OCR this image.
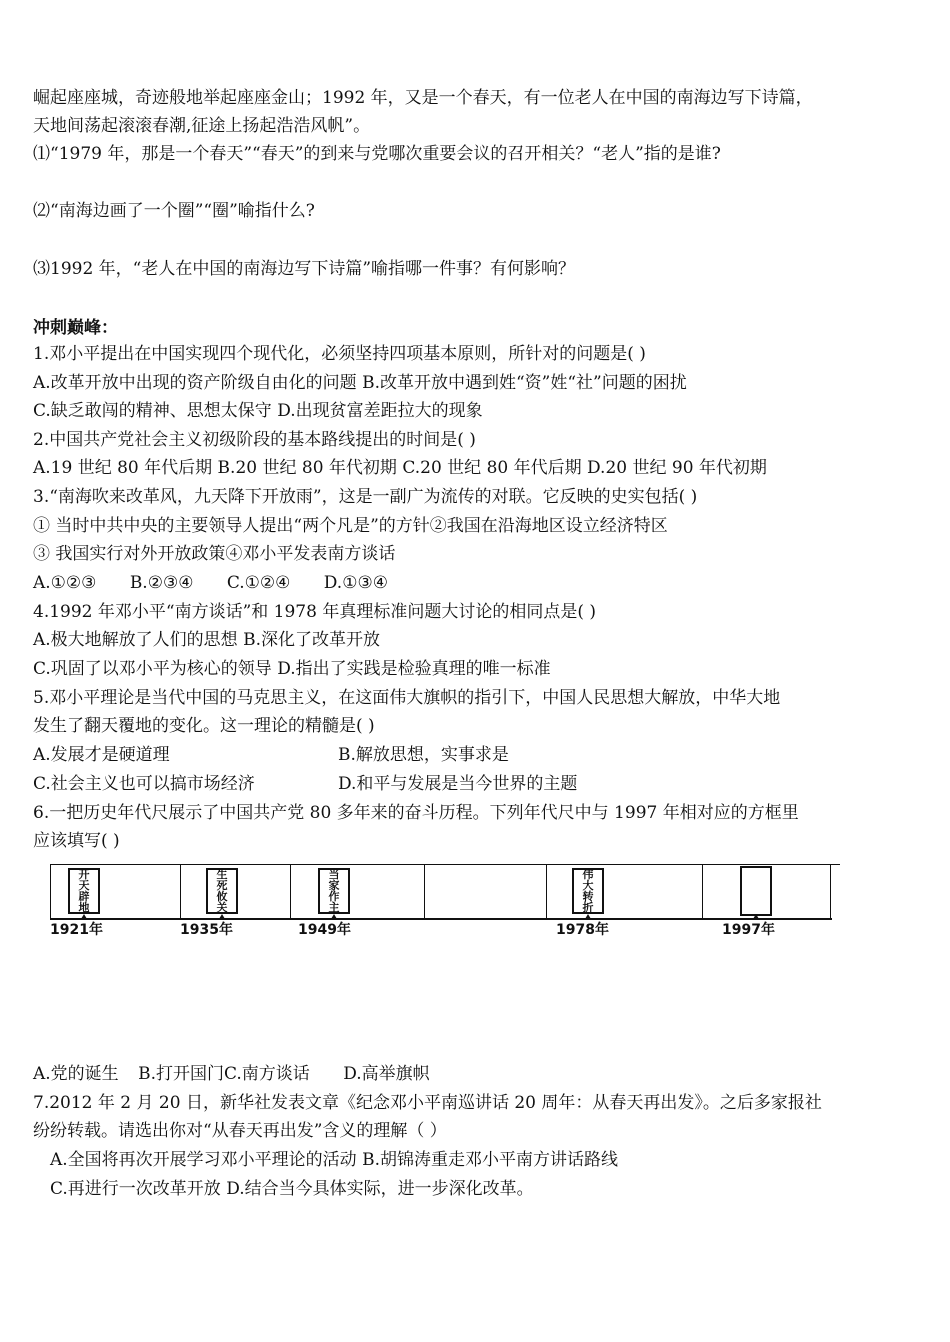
崛起座座城，奇迹般地举起座座金山；1992 年，又是一个春天，有一位老人在中国的南海边写下诗篇，

天地间荡起滚滚春潮,征途上扬起浩浩风帆”。

⑴“1979 年，那是一个春天”“春天”的到来与党哪次重要会议的召开相关？“老人”指的是谁?

⑵“南海边画了一个圈”“圈”喻指什么?

⑶1992 年，“老人在中国的南海边写下诗篇”喻指哪一件事？有何影响？

冲刺巅峰：

1.邓小平提出在中国实现四个现代化，必须坚持四项基本原则，所针对的问题是( )

A.改革开放中出现的资产阶级自由化的问题 B.改革开放中遇到姓“资”姓“社”问题的困扰

C.缺乏敢闯的精神、思想太保守 D.出现贫富差距拉大的现象

2.中国共产党社会主义初级阶段的基本路线提出的时间是( )

A.19 世纪 80 年代后期 B.20 世纪 80 年代初期 C.20 世纪 80 年代后期 D.20 世纪 90 年代初期

3.“南海吹来改革风，九天降下开放雨”，这是一副广为流传的对联。它反映的史实包括( )

① 当时中共中央的主要领导人提出“两个凡是”的方针②我国在沿海地区设立经济特区

③ 我国实行对外开放政策④邓小平发表南方谈话

A.①②③ B.②③④ C.①②④ D.①③④

4.1992 年邓小平“南方谈话”和 1978 年真理标准问题大讨论的相同点是( )

A.极大地解放了人们的思想 B.深化了改革开放

C.巩固了以邓小平为核心的领导 D.指出了实践是检验真理的唯一标准

5.邓小平理论是当代中国的马克思主义，在这面伟大旗帜的指引下，中国人民思想大解放，中华大地

发生了翻天覆地的变化。这一理论的精髓是( )

A.发展才是硬道理	B.解放思想，实事求是

C.社会主义也可以搞市场经济	D.和平与发展是当今世界的主题

6.一把历史年代尺展示了中国共产党 80 多年来的奋斗历程。下列年代尺中与 1997 年相对应的方框里

应该填写( )

开
天
辟
地
1921年
生
死
攸
关
1935年
当
家
作
主
1949年
伟
大
转
折
1978年	1997年

A.党的诞生 B.打开国门C.南方谈话 D.高举旗帜

7.2012 年 2 月 20 日，新华社发表文章《纪念邓小平南巡讲话 20 周年：从春天再出发》。之后多家报社

纷纷转载。请选出你对“从春天再出发”含义的理解（ ）

A.全国将再次开展学习邓小平理论的活动 B.胡锦涛重走邓小平南方讲话路线

C.再进行一次改革开放 D.结合当今具体实际，进一步深化改革。
